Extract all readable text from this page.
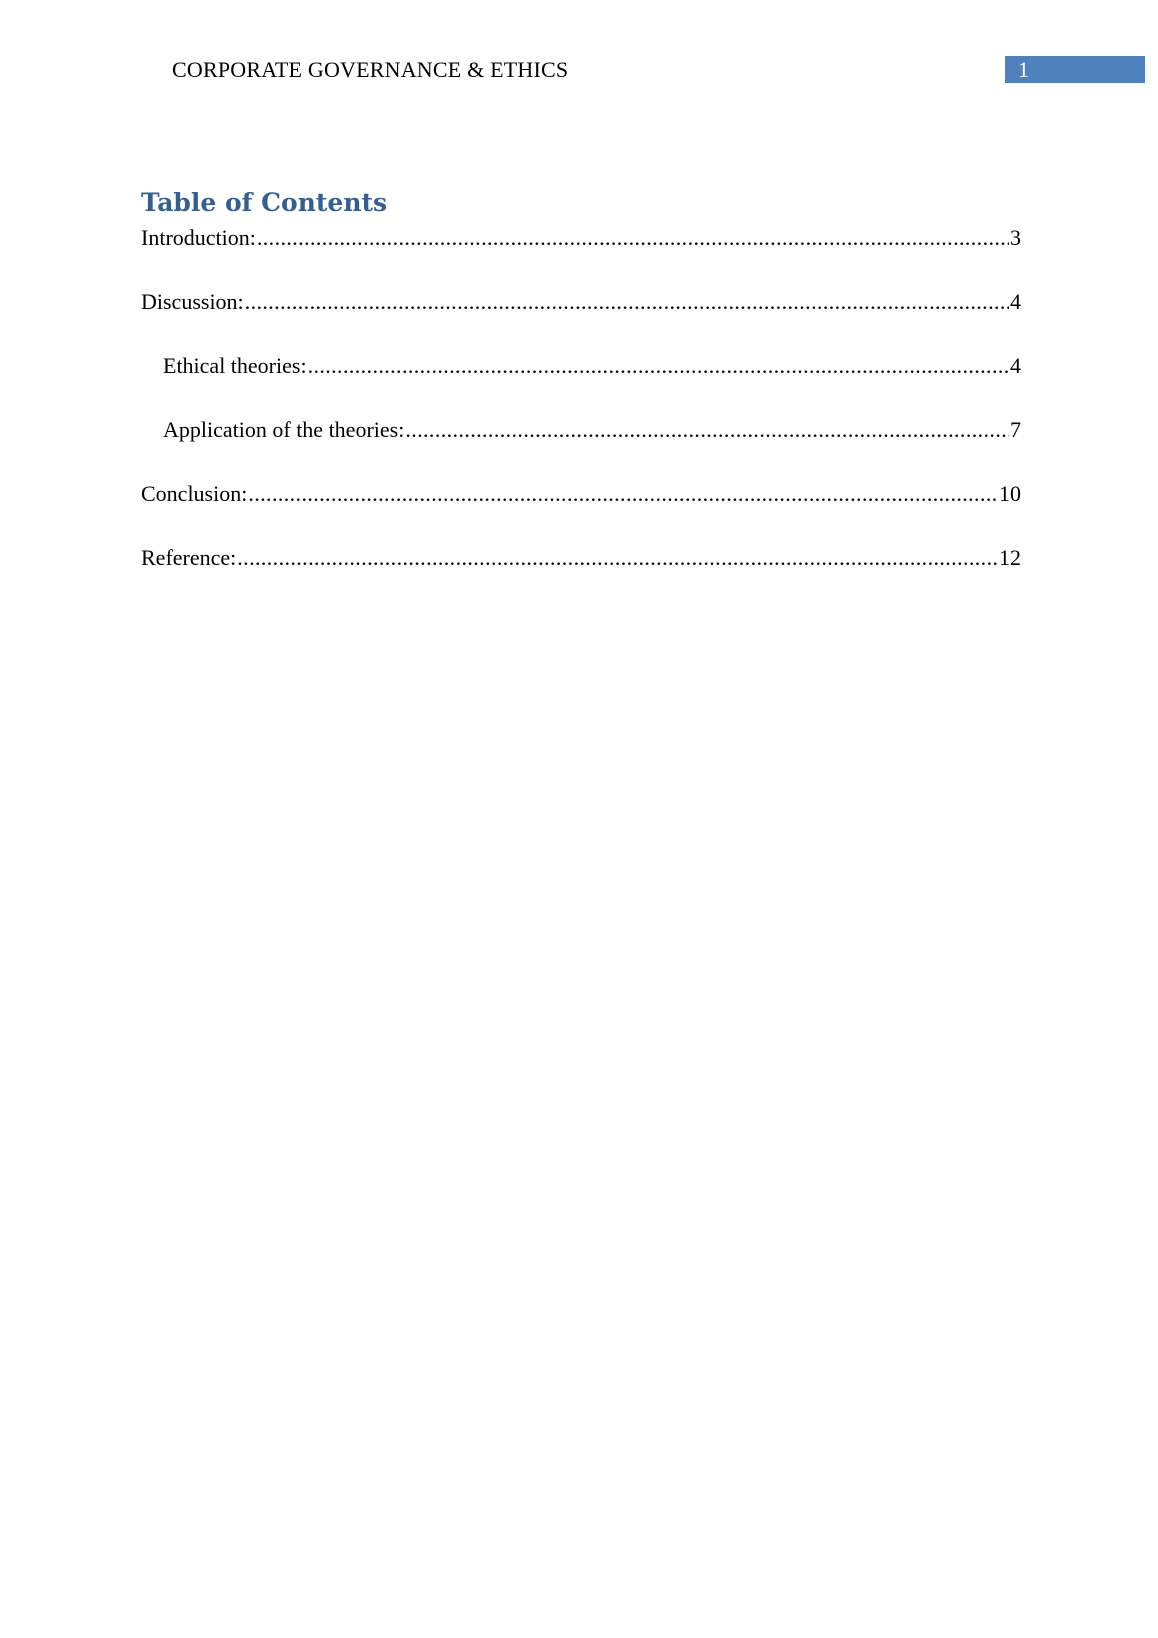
CORPORATE GOVERNANCE & ETHICS	1
Table of Contents
Introduction: .....	3
Discussion: .....	4
Ethical theories: .....	4
Application of the theories: .....	7
Conclusion: .....	10
Reference: .....	12
